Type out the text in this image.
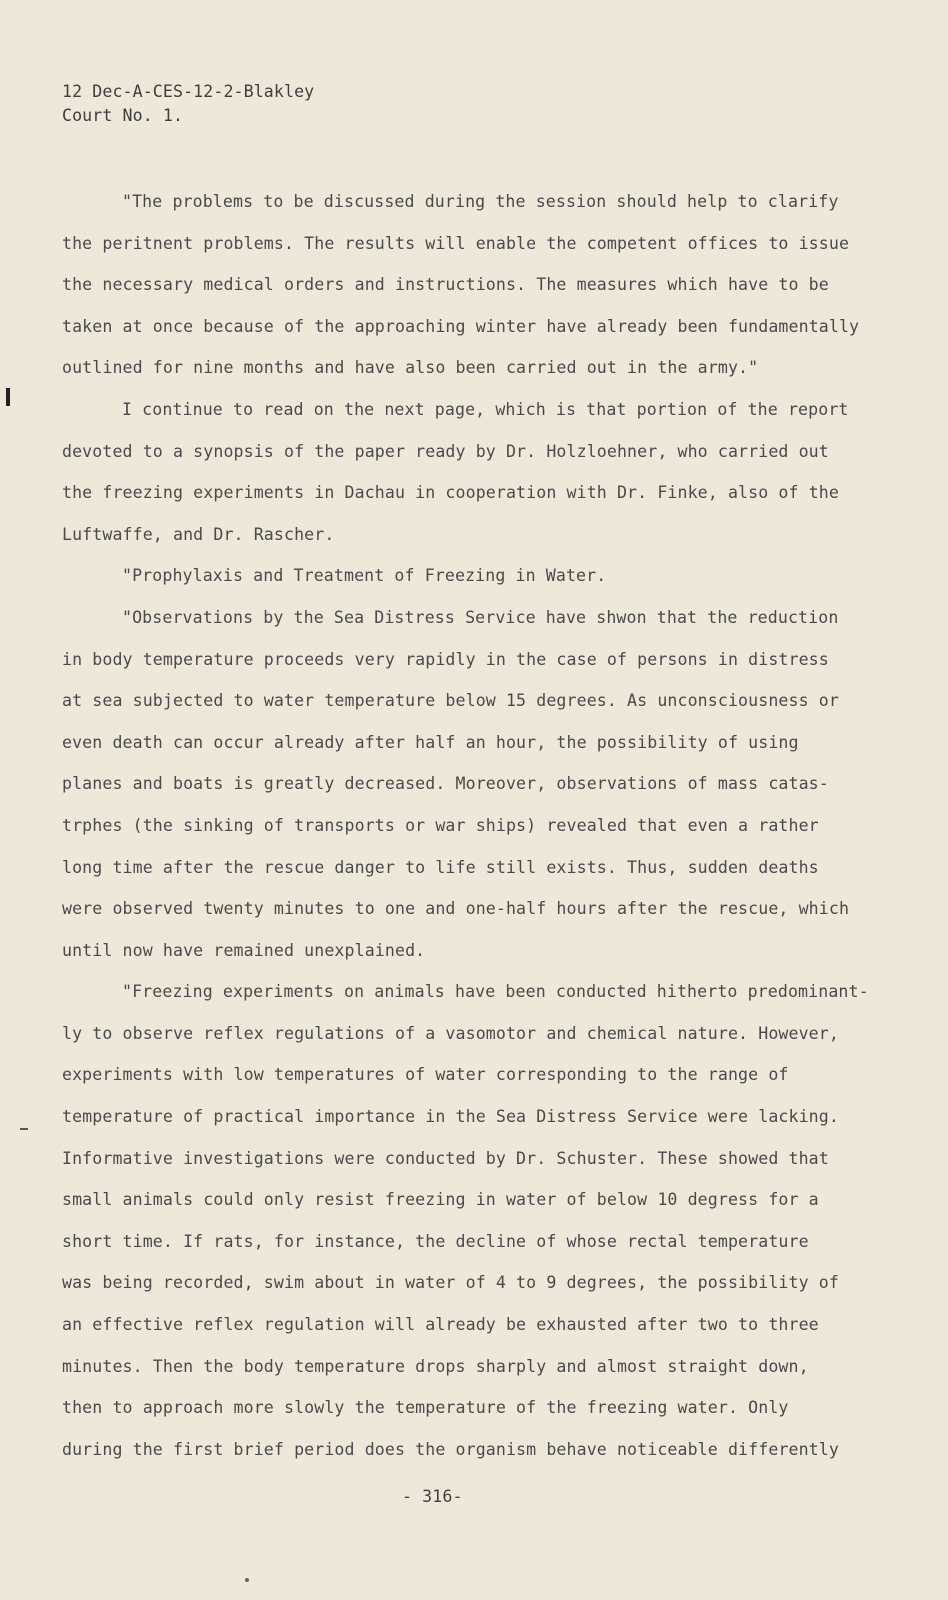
12 Dec-A-CES-12-2-Blakley
Court No. 1.
"The problems to be discussed during the session should help to clarify
the peritnent problems. The results will enable the competent offices to issue
the necessary medical orders and instructions. The measures which have to be
taken at once because of the approaching winter have already been fundamentally
outlined for nine months and have also been carried out in the army."
I continue to read on the next page, which is that portion of the report
devoted to a synopsis of the paper ready by Dr. Holzloehner, who carried out
the freezing experiments in Dachau in cooperation with Dr. Finke, also of the
Luftwaffe, and Dr. Rascher.
"Prophylaxis and Treatment of Freezing in Water.
"Observations by the Sea Distress Service have shwon that the reduction
in body temperature proceeds very rapidly in the case of persons in distress
at sea subjected to water temperature below 15 degrees. As unconsciousness or
even death can occur already after half an hour, the possibility of using
planes and boats is greatly decreased. Moreover, observations of mass catas-
trphes (the sinking of transports or war ships) revealed that even a rather
long time after the rescue danger to life still exists. Thus, sudden deaths
were observed twenty minutes to one and one-half hours after the rescue, which
until now have remained unexplained.
"Freezing experiments on animals have been conducted hitherto predominant-
ly to observe reflex regulations of a vasomotor and chemical nature. However,
experiments with low temperatures of water corresponding to the range of
temperature of practical importance in the Sea Distress Service were lacking.
Informative investigations were conducted by Dr. Schuster. These showed that
small animals could only resist freezing in water of below 10 degress for a
short time. If rats, for instance, the decline of whose rectal temperature
was being recorded, swim about in water of 4 to 9 degrees, the possibility of
an effective reflex regulation will already be exhausted after two to three
minutes. Then the body temperature drops sharply and almost straight down,
then to approach more slowly the temperature of the freezing water. Only
during the first brief period does the organism behave noticeable differently
- 316-
